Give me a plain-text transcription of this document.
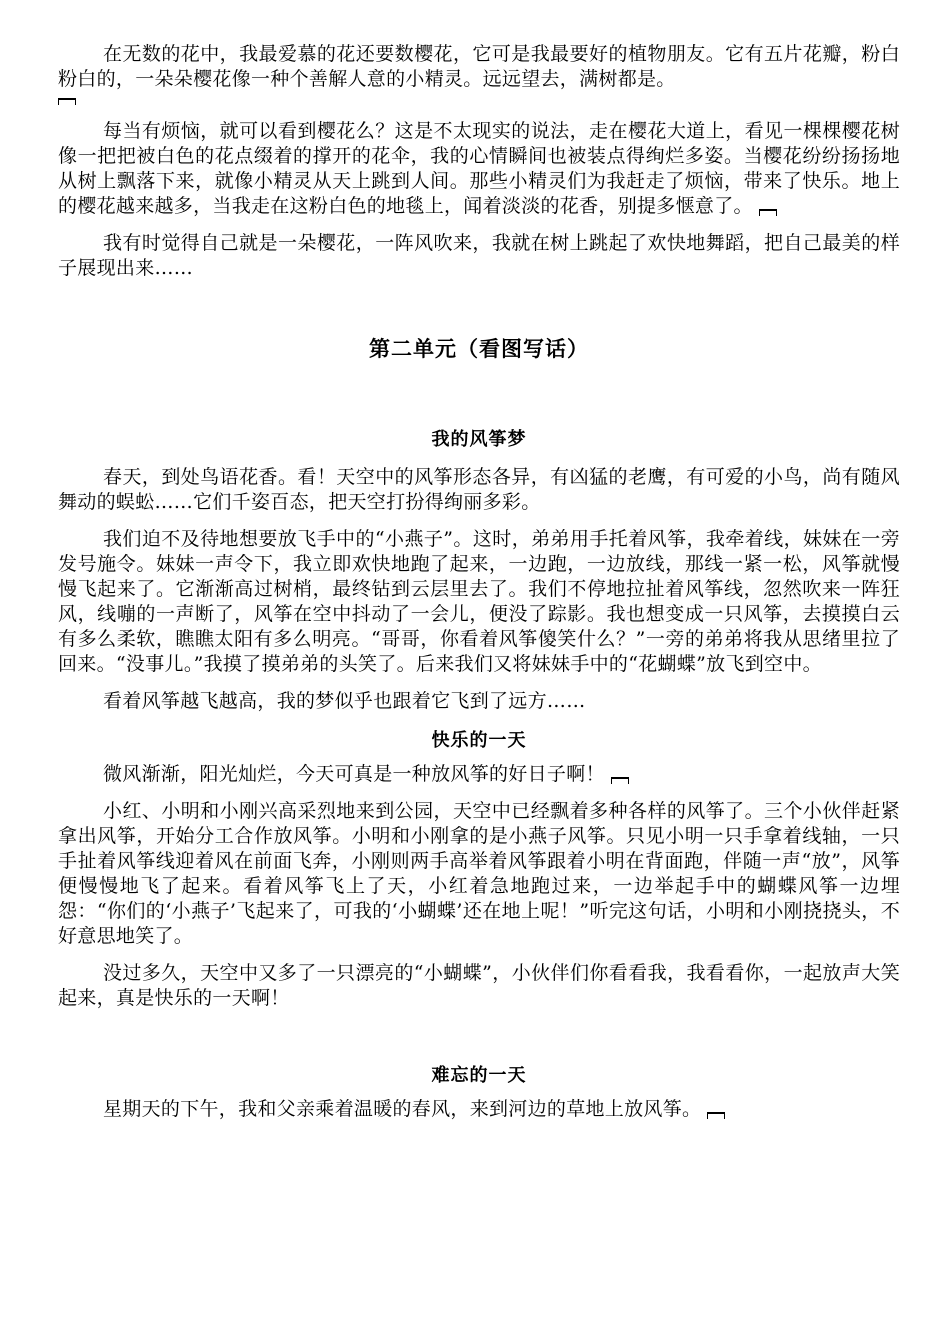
在无数的花中，我最爱慕的花还要数樱花，它可是我最要好的植物朋友。它有五片花瓣，粉白粉白的，一朵朵樱花像一种个善解人意的小精灵。远远望去，满树都是。

每当有烦恼，就可以看到樱花么？这是不太现实的说法，走在樱花大道上，看见一棵棵樱花树像一把把被白色的花点缀着的撑开的花伞，我的心情瞬间也被装点得绚烂多姿。当樱花纷纷扬扬地从树上飘落下来，就像小精灵从天上跳到人间。那些小精灵们为我赶走了烦恼，带来了快乐。地上的樱花越来越多，当我走在这粉白色的地毯上，闻着淡淡的花香，别提多惬意了。

我有时觉得自己就是一朵樱花，一阵风吹来，我就在树上跳起了欢快地舞蹈，把自己最美的样子展现出来……

第二单元（看图写话）
我的风筝梦

春天，到处鸟语花香。看！天空中的风筝形态各异，有凶猛的老鹰，有可爱的小鸟，尚有随风舞动的蜈蚣……它们千姿百态，把天空打扮得绚丽多彩。

我们迫不及待地想要放飞手中的“小燕子”。这时，弟弟用手托着风筝，我牵着线，妹妹在一旁发号施令。妹妹一声令下，我立即欢快地跑了起来，一边跑，一边放线，那线一紧一松，风筝就慢慢飞起来了。它渐渐高过树梢，最终钻到云层里去了。我们不停地拉扯着风筝线，忽然吹来一阵狂风，线嘣的一声断了，风筝在空中抖动了一会儿，便没了踪影。我也想变成一只风筝，去摸摸白云有多么柔软，瞧瞧太阳有多么明亮。“哥哥，你看着风筝傻笑什么？”一旁的弟弟将我从思绪里拉了回来。“没事儿。”我摸了摸弟弟的头笑了。后来我们又将妹妹手中的“花蝴蝶”放飞到空中。

看着风筝越飞越高，我的梦似乎也跟着它飞到了远方……

快乐的一天

微风渐渐，阳光灿烂，今天可真是一种放风筝的好日子啊！

小红、小明和小刚兴高采烈地来到公园，天空中已经飘着多种各样的风筝了。三个小伙伴赶紧拿出风筝，开始分工合作放风筝。小明和小刚拿的是小燕子风筝。只见小明一只手拿着线轴，一只手扯着风筝线迎着风在前面飞奔，小刚则两手高举着风筝跟着小明在背面跑，伴随一声“放”，风筝便慢慢地飞了起来。看着风筝飞上了天，小红着急地跑过来，一边举起手中的蝴蝶风筝一边埋怨：“你们的‘小燕子’飞起来了，可我的‘小蝴蝶’还在地上呢！”听完这句话，小明和小刚挠挠头，不好意思地笑了。

没过多久，天空中又多了一只漂亮的“小蝴蝶”，小伙伴们你看看我，我看看你，一起放声大笑起来，真是快乐的一天啊！

难忘的一天

星期天的下午，我和父亲乘着温暖的春风，来到河边的草地上放风筝。
